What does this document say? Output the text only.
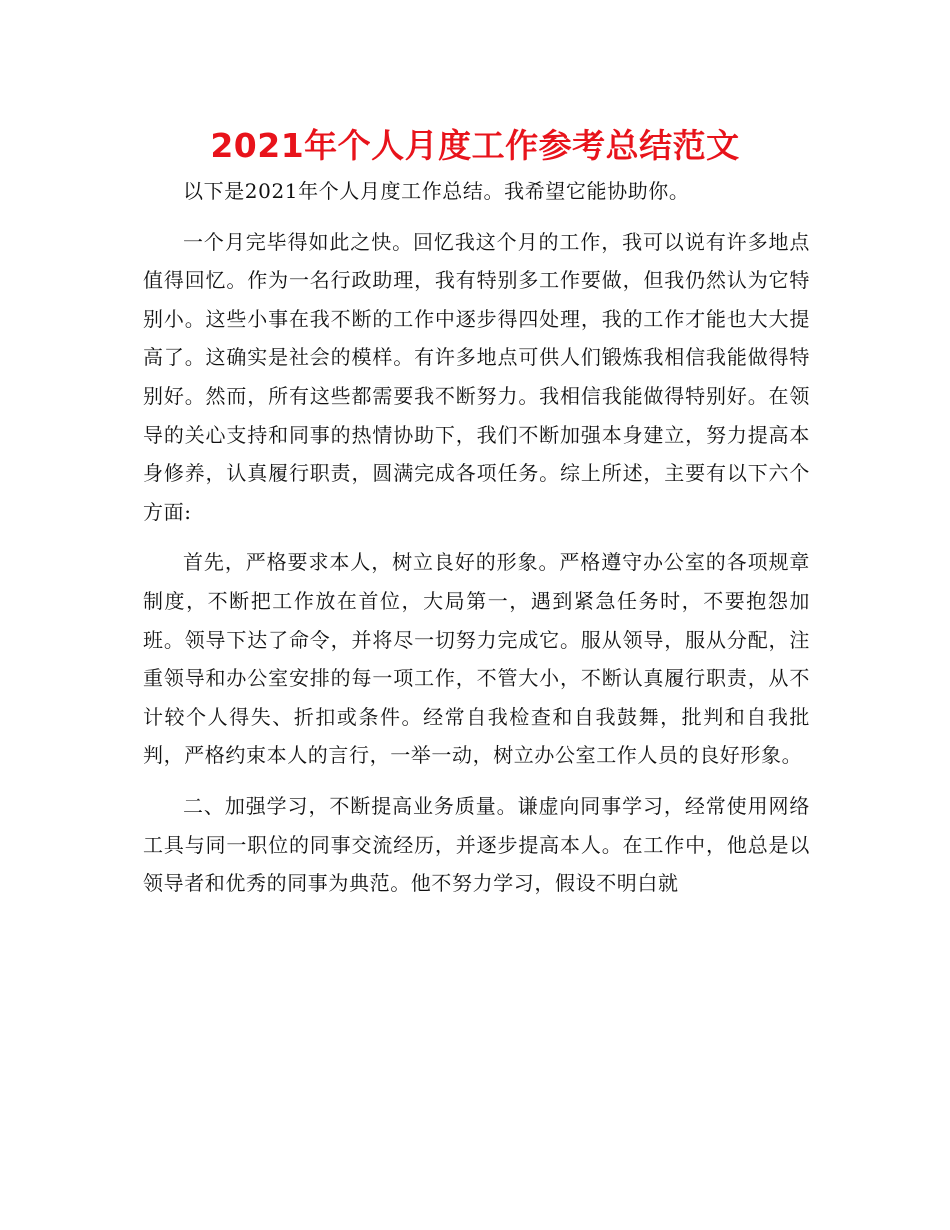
2021年个人月度工作参考总结范文

以下是2021年个人月度工作总结。我希望它能协助你。

一个月完毕得如此之快。回忆我这个月的工作，我可以说有许多地点值得回忆。作为一名行政助理，我有特别多工作要做，但我仍然认为它特别小。这些小事在我不断的工作中逐步得四处理，我的工作才能也大大提高了。这确实是社会的模样。有许多地点可供人们锻炼我相信我能做得特别好。然而，所有这些都需要我不断努力。我相信我能做得特别好。在领导的关心支持和同事的热情协助下，我们不断加强本身建立，努力提高本身修养，认真履行职责，圆满完成各项任务。综上所述，主要有以下六个方面:

首先，严格要求本人，树立良好的形象。严格遵守办公室的各项规章制度，不断把工作放在首位，大局第一，遇到紧急任务时，不要抱怨加班。领导下达了命令，并将尽一切努力完成它。服从领导，服从分配，注重领导和办公室安排的每一项工作，不管大小，不断认真履行职责，从不计较个人得失、折扣或条件。经常自我检查和自我鼓舞，批判和自我批判，严格约束本人的言行，一举一动，树立办公室工作人员的良好形象。

二、加强学习，不断提高业务质量。谦虚向同事学习，经常使用网络工具与同一职位的同事交流经历，并逐步提高本人。在工作中，他总是以领导者和优秀的同事为典范。他不努力学习，假设不明白就
